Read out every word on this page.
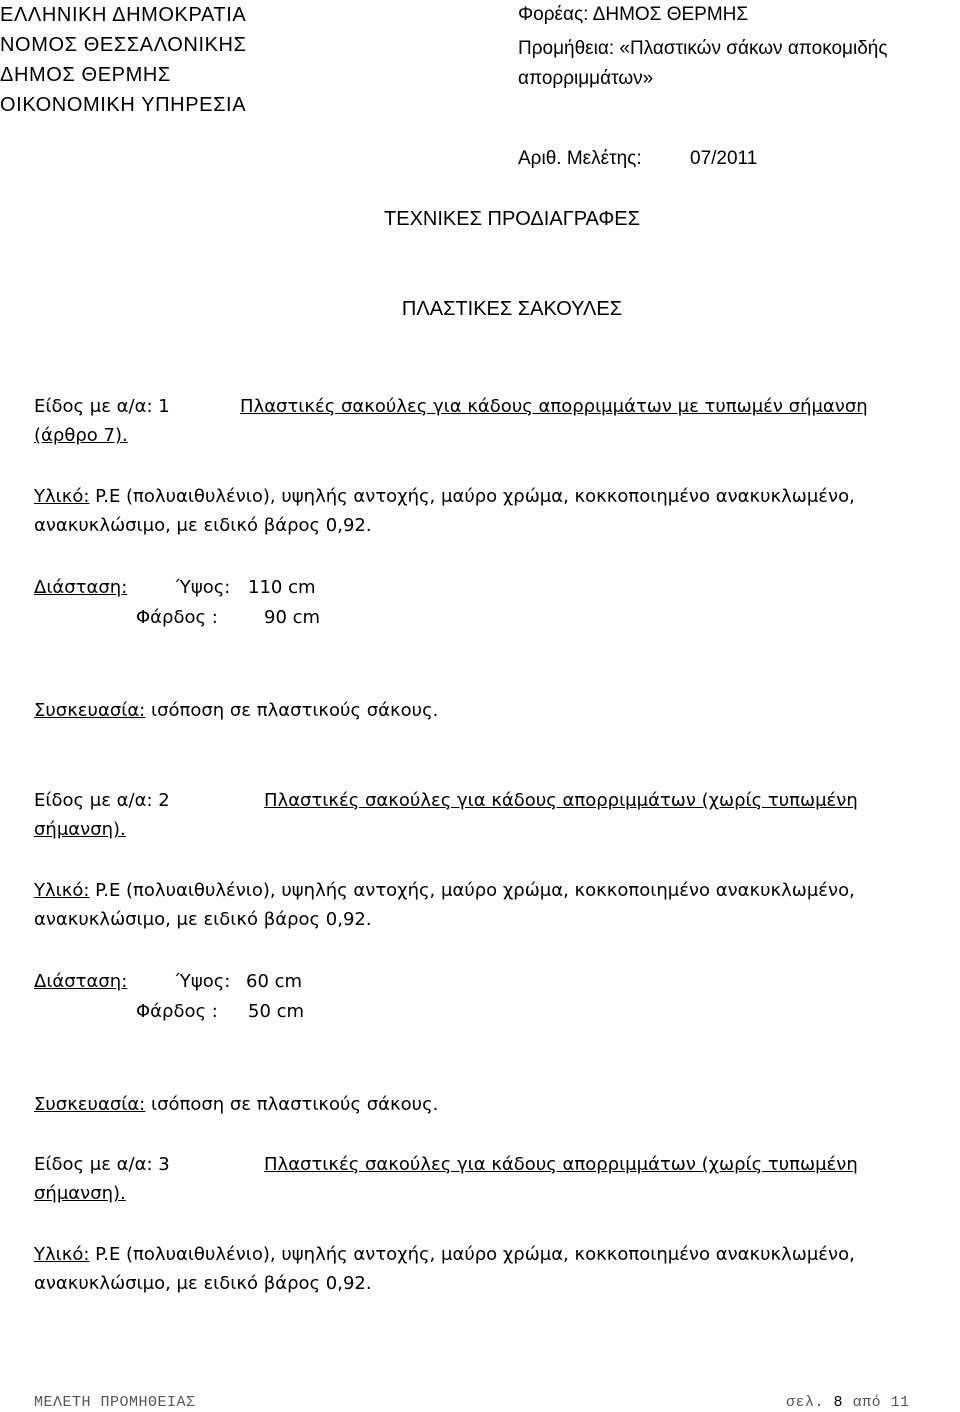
ΕΛΛΗΝΙΚΗ ΔΗΜΟΚΡΑΤΙΑ
ΝΟΜΟΣ ΘΕΣΣΑΛΟΝΙΚΗΣ
ΔΗΜΟΣ ΘΕΡΜΗΣ
ΟΙΚΟΝΟΜΙΚΗ ΥΠΗΡΕΣΙΑ
Φορέας: ΔΗΜΟΣ ΘΕΡΜΗΣ
Προμήθεια: «Πλαστικών σάκων αποκομιδής
απορριμμάτων»
Αριθ. Μελέτης:	07/2011
ΤΕΧΝΙΚΕΣ ΠΡΟΔΙΑΓΡΑΦΕΣ
ΠΛΑΣΤΙΚΕΣ ΣΑΚΟΥΛΕΣ
Είδος με α/α: 1	Πλαστικές σακούλες για κάδους απορριμμάτων με τυπωμέν σήμανση
(άρθρο 7).
Υλικό: P.E (πολυαιθυλένιο), υψηλής αντοχής, μαύρο χρώμα, κοκκοποιημένο ανακυκλωμένο,
ανακυκλώσιμο, με ειδικό βάρος 0,92.
Διάσταση:	Ύψος: 110 cm
Φάρδος :	90 cm
Συσκευασία: ισόποση σε πλαστικούς σάκους.
Είδος με α/α: 2	Πλαστικές σακούλες για κάδους απορριμμάτων (χωρίς τυπωμένη
σήμανση).
Υλικό: P.E (πολυαιθυλένιο), υψηλής αντοχής, μαύρο χρώμα, κοκκοποιημένο ανακυκλωμένο,
ανακυκλώσιμο, με ειδικό βάρος 0,92.
Διάσταση:	Ύψος: 60 cm
Φάρδος : 50 cm
Συσκευασία: ισόποση σε πλαστικούς σάκους.
Είδος με α/α: 3	Πλαστικές σακούλες για κάδους απορριμμάτων (χωρίς τυπωμένη
σήμανση).
Υλικό: P.E (πολυαιθυλένιο), υψηλής αντοχής, μαύρο χρώμα, κοκκοποιημένο ανακυκλωμένο,
ανακυκλώσιμο, με ειδικό βάρος 0,92.
ΜΕΛΕΤΗ ΠΡΟΜΗΘΕΙΑΣ	σελ. 8 από 11
